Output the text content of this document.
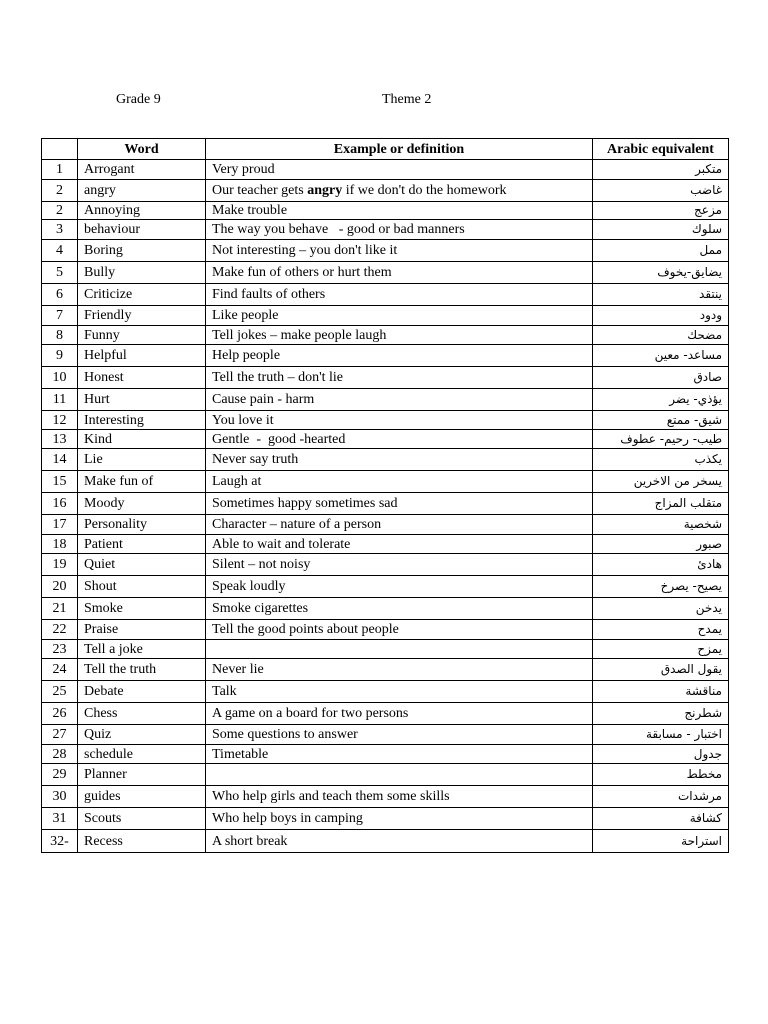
Grade 9	Theme 2
	Word	Example or definition	Arabic equivalent
1	Arrogant	Very proud	متكبر
2	angry	Our teacher gets angry if we don't do the homework	غاضب
2	Annoying	Make trouble	مزعج
3	behaviour	The way you behave   - good or bad manners	سلوك
4	Boring	Not interesting – you don't like it	ممل
5	Bully	Make fun of others or hurt them	يضايق-يخوف
6	Criticize	Find faults of others	ينتقد
7	Friendly	Like people	ودود
8	Funny	Tell jokes – make people laugh	مضحك
9	Helpful	Help people	مساعد- معين
10	Honest	Tell the truth – don't lie	صادق
11	Hurt	Cause pain - harm	يؤذي- يضر
12	Interesting	You love it	شيق- ممتع
13	Kind	Gentle  -  good -hearted	طيب- رحيم- عطوف
14	Lie	Never say truth	يكذب
15	Make fun of	Laugh at	يسخر من الاخرين
16	Moody	Sometimes happy sometimes sad	متقلب المزاج
17	Personality	Character – nature of a person	شخصية
18	Patient	Able to wait and tolerate	صبور
19	Quiet	Silent – not noisy	هادئ
20	Shout	Speak loudly	يصيح- يصرخ
21	Smoke	Smoke cigarettes	يدخن
22	Praise	Tell the good points about people	يمدح
23	Tell a joke		يمزح
24	Tell the truth	Never lie	يقول الصدق
25	Debate	Talk	مناقشة
26	Chess	A game on a board for two persons	شطرنج
27	Quiz	Some questions to answer	اختبار - مسابقة
28	schedule	Timetable	جدول
29	Planner		مخطط
30	guides	Who help girls and teach them some skills	مرشدات
31	Scouts	Who help boys in camping	كشافة
32-	Recess	A short break	استراحة
